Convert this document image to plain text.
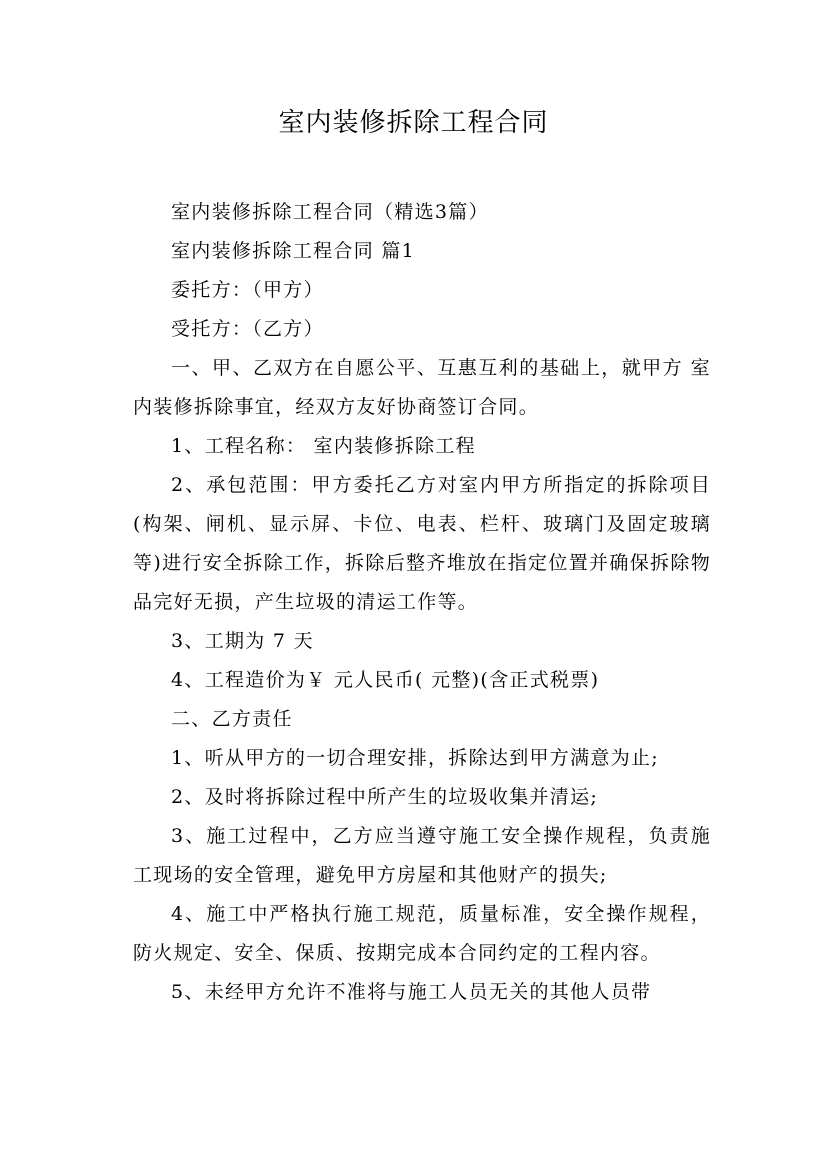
室内装修拆除工程合同

室内装修拆除工程合同（精选3篇）

室内装修拆除工程合同 篇1

委托方：（甲方）

受托方：（乙方）

一、甲、乙双方在自愿公平、互惠互利的基础上，就甲方 室内装修拆除事宜，经双方友好协商签订合同。

1、工程名称： 室内装修拆除工程

2、承包范围：甲方委托乙方对室内甲方所指定的拆除项目(构架、闸机、显示屏、卡位、电表、栏杆、玻璃门及固定玻璃等)进行安全拆除工作，拆除后整齐堆放在指定位置并确保拆除物品完好无损，产生垃圾的清运工作等。

3、工期为 7 天

4、工程造价为￥ 元人民币( 元整)(含正式税票)

二、乙方责任

1、听从甲方的一切合理安排，拆除达到甲方满意为止;

2、及时将拆除过程中所产生的垃圾收集并清运;

3、施工过程中，乙方应当遵守施工安全操作规程，负责施工现场的安全管理，避免甲方房屋和其他财产的损失;

4、施工中严格执行施工规范，质量标准，安全操作规程，防火规定、安全、保质、按期完成本合同约定的工程内容。

5、未经甲方允许不准将与施工人员无关的其他人员带
